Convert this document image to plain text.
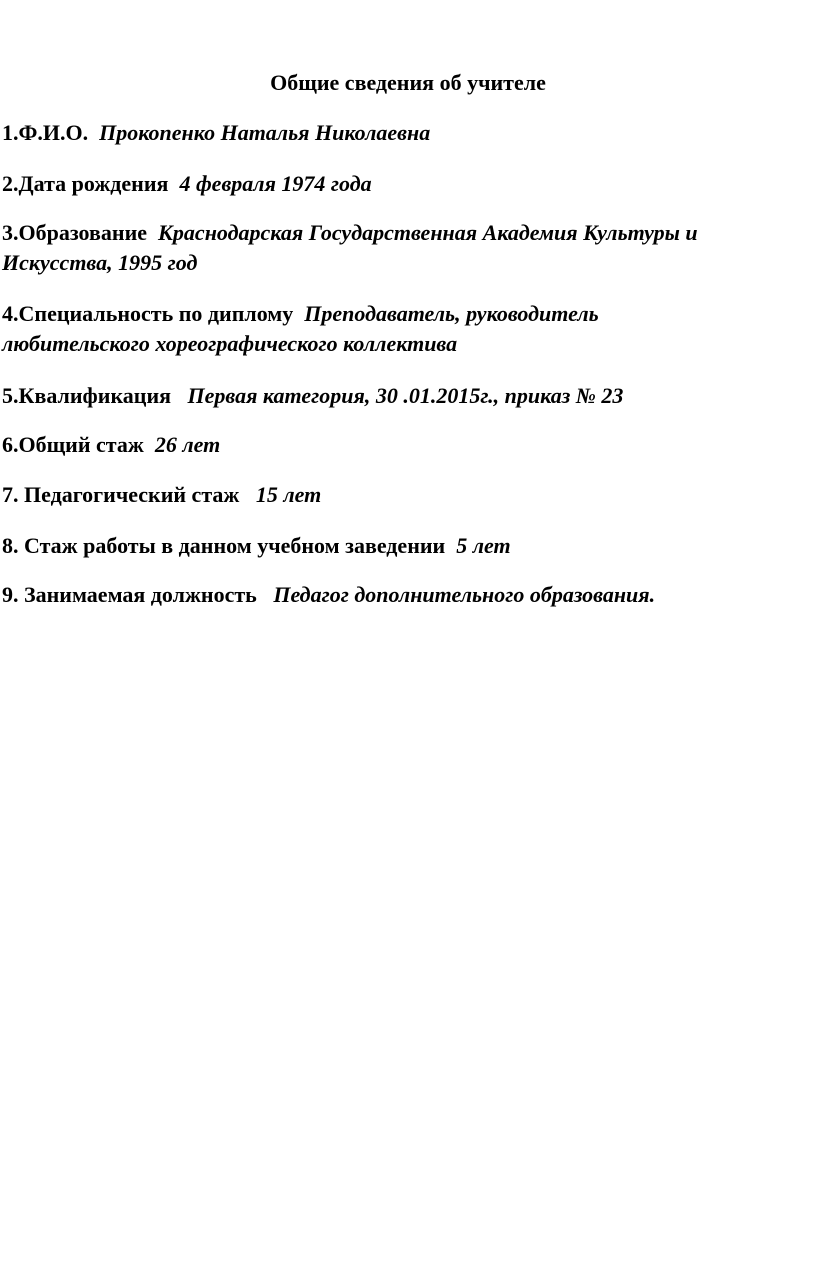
Общие сведения об учителе
1.Ф.И.О. Прокопенко Наталья Николаевна
2.Дата рождения 4 февраля 1974 года
3.Образование Краснодарская Государственная Академия Культуры и
Искусства, 1995 год
4.Специальность по диплому Преподаватель, руководитель
любительского хореографического коллектива
5.Квалификация Первая категория, 30 .01.2015г., приказ № 23
6.Общий стаж 26 лет
7. Педагогический стаж 15 лет
8. Стаж работы в данном учебном заведении 5 лет
9. Занимаемая должность Педагог дополнительного образования.
